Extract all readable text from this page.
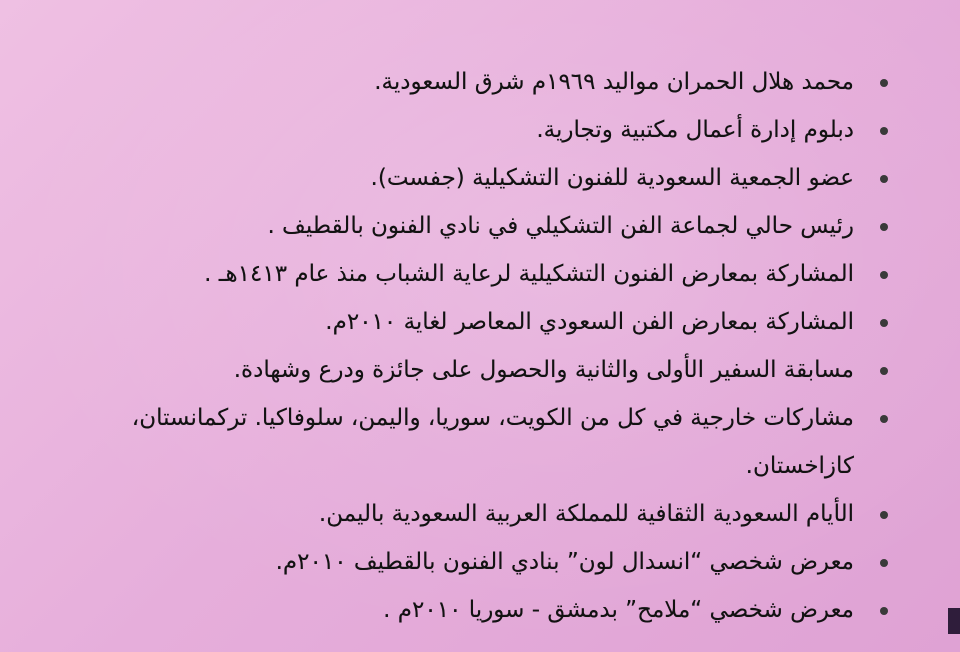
محمد هلال الحمران مواليد ١٩٦٩م شرق السعودية.
دبلوم إدارة أعمال مكتبية وتجارية.
عضو الجمعية السعودية للفنون التشكيلية (جفست).
رئيس حالي لجماعة الفن التشكيلي في نادي الفنون بالقطيف .
المشاركة بمعارض الفنون التشكيلية لرعاية الشباب منذ عام ١٤١٣هـ .
المشاركة بمعارض الفن السعودي المعاصر لغاية ٢٠١٠م.
مسابقة السفير الأولى والثانية والحصول على جائزة ودرع وشهادة.
مشاركات خارجية في كل من الكويت، سوريا، واليمن، سلوفاكيا. تركمانستان، كازاخستان.
الأيام السعودية الثقافية للمملكة العربية السعودية باليمن.
معرض شخصي “انسدال لون” بنادي الفنون بالقطيف ٢٠١٠م.
معرض شخصي “ملامح” بدمشق - سوريا ٢٠١٠م .
